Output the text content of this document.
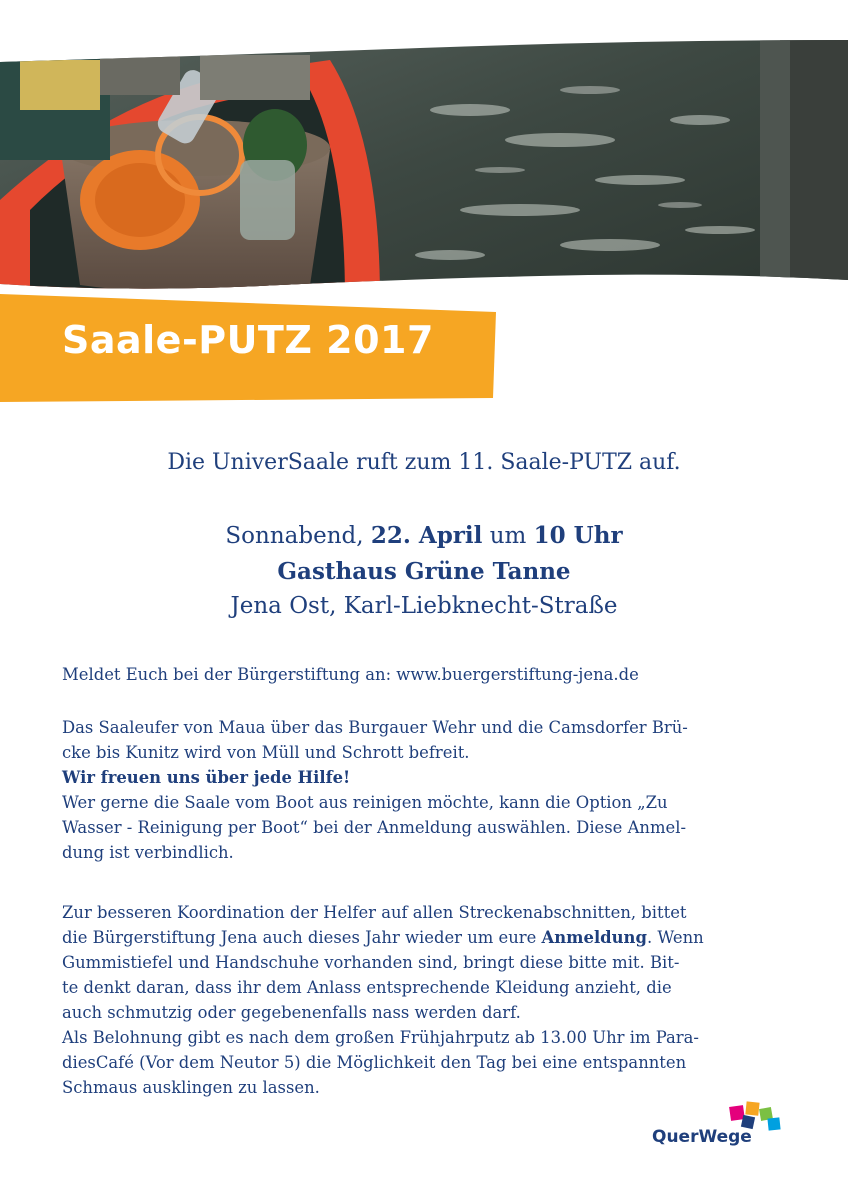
Saale-PUTZ 2017
Die UniverSaale ruft zum 11. Saale-PUTZ auf.
Sonnabend, 22. April um 10 Uhr
Gasthaus Grüne Tanne
Jena Ost, Karl-Liebknecht-Straße
Meldet Euch bei der Bürgerstiftung an: www.buergerstiftung-jena.de
Das Saaleufer von Maua über das Burgauer Wehr und die Camsdorfer Brü-
cke bis Kunitz wird von Müll und Schrott befreit.
Wir freuen uns über jede Hilfe!
Wer gerne die Saale vom Boot aus reinigen möchte, kann die Option „Zu
Wasser - Reinigung per Boot“ bei der Anmeldung auswählen. Diese Anmel-
dung ist verbindlich.
Zur besseren Koordination der Helfer auf allen Streckenabschnitten, bittet
die Bürgerstiftung Jena auch dieses Jahr wieder um eure Anmeldung. Wenn
Gummistiefel und Handschuhe vorhanden sind, bringt diese bitte mit. Bit-
te denkt daran, dass ihr dem Anlass entsprechende Kleidung anzieht, die
auch schmutzig oder gegebenenfalls nass werden darf.
Als Belohnung gibt es nach dem großen Frühjahrputz ab 13.00 Uhr im Para-
diesCafé (Vor dem Neutor 5) die Möglichkeit den Tag bei eine entspannten
Schmaus ausklingen zu lassen.
QuerWege
